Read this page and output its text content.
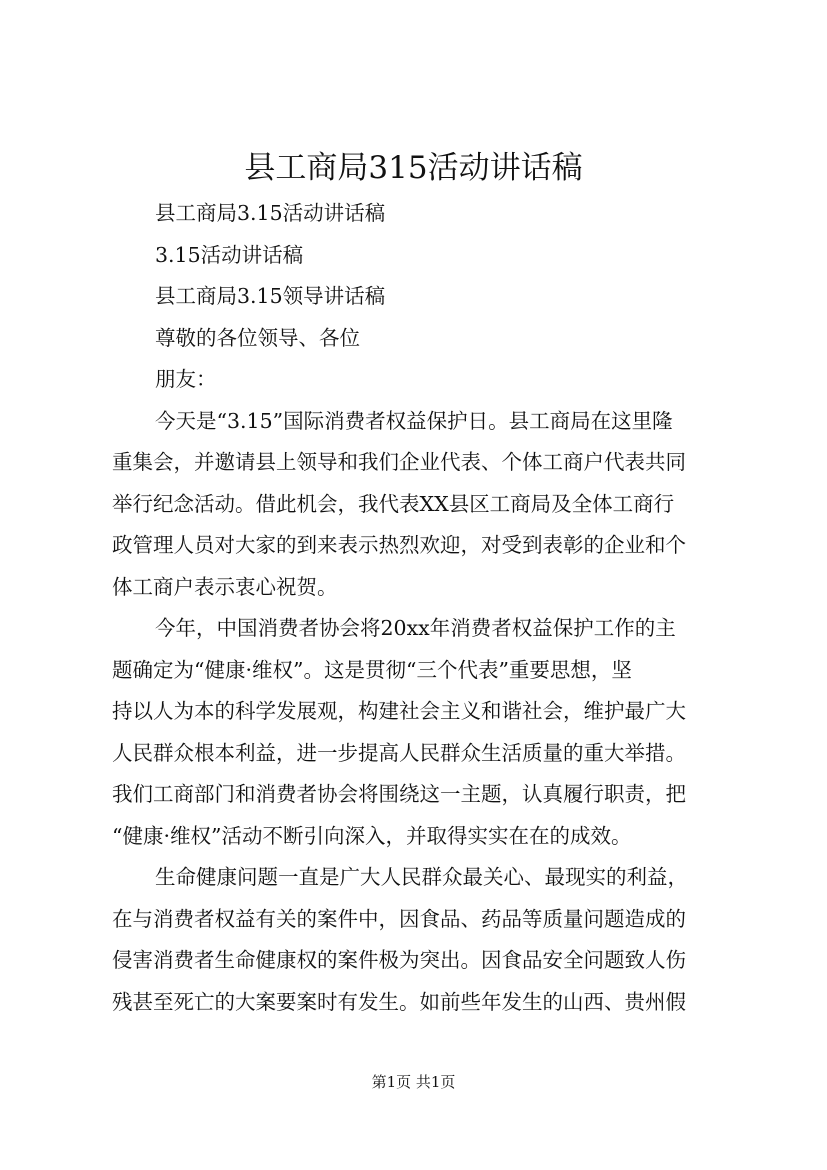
县工商局315活动讲话稿
县工商局3.15活动讲话稿
3.15活动讲话稿
县工商局3.15领导讲话稿
尊敬的各位领导、各位
朋友：
今天是“3.15”国际消费者权益保护日。县工商局在这里隆
重集会，并邀请县上领导和我们企业代表、个体工商户代表共同
举行纪念活动。借此机会，我代表XX县区工商局及全体工商行
政管理人员对大家的到来表示热烈欢迎，对受到表彰的企业和个
体工商户表示衷心祝贺。
今年，中国消费者协会将20xx年消费者权益保护工作的主
题确定为“健康·维权”。这是贯彻“三个代表”重要思想，坚
持以人为本的科学发展观，构建社会主义和谐社会，维护最广大
人民群众根本利益，进一步提高人民群众生活质量的重大举措。
我们工商部门和消费者协会将围绕这一主题，认真履行职责，把
“健康·维权”活动不断引向深入，并取得实实在在的成效。
生命健康问题一直是广大人民群众最关心、最现实的利益，
在与消费者权益有关的案件中，因食品、药品等质量问题造成的
侵害消费者生命健康权的案件极为突出。因食品安全问题致人伤
残甚至死亡的大案要案时有发生。如前些年发生的山西、贵州假
第1页 共1页
